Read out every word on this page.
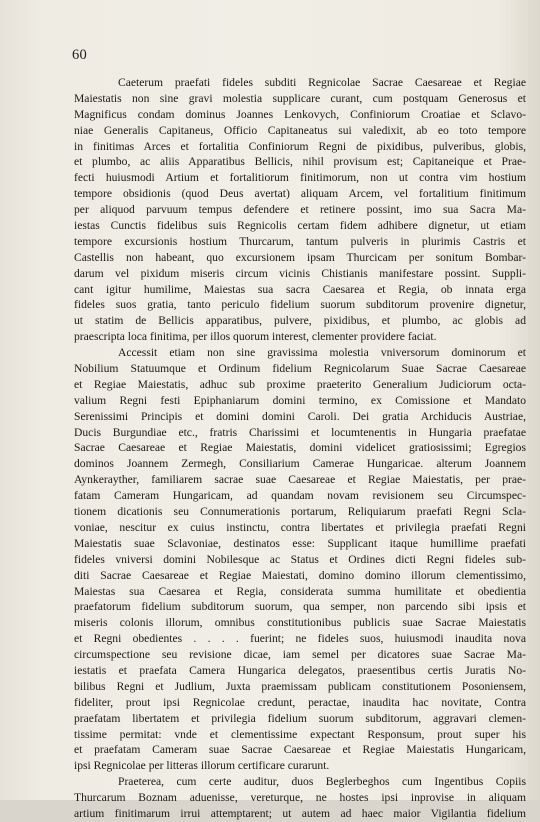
60
Caeterum praefati fideles subditi Regnicolae Sacrae Caesareae et Regiae
Maiestatis non sine gravi molestia supplicare curant, cum postquam Generosus et
Magnificus condam dominus Joannes Lenkovych, Confiniorum Croatiae et Sclavo-
niae Generalis Capitaneus, Officio Capitaneatus sui valedixit, ab eo toto tempore
in finitimas Arces et fortalitia Confiniorum Regni de pixidibus, pulveribus, globis,
et plumbo, ac aliis Apparatibus Bellicis, nihil provisum est; Capitaneique et Prae-
fecti huiusmodi Artium et fortalitiorum finitimorum, non ut contra vim hostium
tempore obsidionis (quod Deus avertat) aliquam Arcem, vel fortalitium finitimum
per aliquod parvuum tempus defendere et retinere possint, imo sua Sacra Ma-
iestas Cunctis fidelibus suis Regnicolis certam fidem adhibere dignetur, ut etiam
tempore excursionis hostium Thurcarum, tantum pulveris in plurimis Castris et
Castellis non habeant, quo excursionem ipsam Thurcicam per sonitum Bombar-
darum vel pixidum miseris circum vicinis Chistianis manifestare possint. Suppli-
cant igitur humilime, Maiestas sua sacra Caesarea et Regia, ob innata erga
fideles suos gratia, tanto periculo fidelium suorum subditorum provenire dignetur,
ut statim de Bellicis apparatibus, pulvere, pixidibus, et plumbo, ac globis ad
praescripta loca finitima, per illos quorum interest, clementer providere faciat.
Accessit etiam non sine gravissima molestia vniversorum dominorum et
Nobilium Statuumque et Ordinum fidelium Regnicolarum Suae Sacrae Caesareae
et Regiae Maiestatis, adhuc sub proxime praeterito Generalium Judiciorum octa-
valium Regni festi Epiphaniarum domini termino, ex Comissione et Mandato
Serenissimi Principis et domini domini Caroli. Dei gratia Archiducis Austriae,
Ducis Burgundiae etc., fratris Charissimi et locumtenentis in Hungaria praefatae
Sacrae Caesareae et Regiae Maiestatis, domini videlicet gratiosissimi; Egregios
dominos Joannem Zermegh, Consiliarium Camerae Hungaricae. alterum Joannem
Aynkerayther, familiarem sacrae suae Caesareae et Regiae Maiestatis, per prae-
fatam Cameram Hungaricam, ad quandam novam revisionem seu Circumspec-
tionem dicationis seu Connumerationis portarum, Reliquiarum praefati Regni Scla-
voniae, nescitur ex cuius instinctu, contra libertates et privilegia praefati Regni
Maiestatis suae Sclavoniae, destinatos esse: Supplicant itaque humillime praefati
fideles vniversi domini Nobilesque ac Status et Ordines dicti Regni fideles sub-
diti Sacrae Caesareae et Regiae Maiestati, domino domino illorum clementissimo,
Maiestas sua Caesarea et Regia, considerata summa humilitate et obedientia
praefatorum fidelium subditorum suorum, qua semper, non parcendo sibi ipsis et
miseris colonis illorum, omnibus constitutionibus publicis suae Sacrae Maiestatis
et Regni obedientes . . . . fuerint; ne fideles suos, huiusmodi inaudita nova
circumspectione seu revisione dicae, iam semel per dicatores suae Sacrae Ma-
iestatis et praefata Camera Hungarica delegatos, praesentibus certis Juratis No-
bilibus Regni et Judlium, Juxta praemissam publicam constitutionem Posoniensem,
fideliter, prout ipsi Regnicolae credunt, peractae, inaudita hac novitate, Contra
praefatam libertatem et privilegia fidelium suorum subditorum, aggravari clemen-
tissime permitat: vnde et clementissime expectant Responsum, prout super his
et praefatam Cameram suae Sacrae Caesareae et Regiae Maiestatis Hungaricam,
ipsi Regnicolae per litteras illorum certificare curarunt.
Praeterea, cum certe auditur, duos Beglerbeghos cum Ingentibus Copiis
Thurcarum Boznam aduenisse, vereturque, ne hostes ipsi inprovise in aliquam
artium finitimarum irrui attemptarent; ut autem ad haec maior Vigilantia fidelium
